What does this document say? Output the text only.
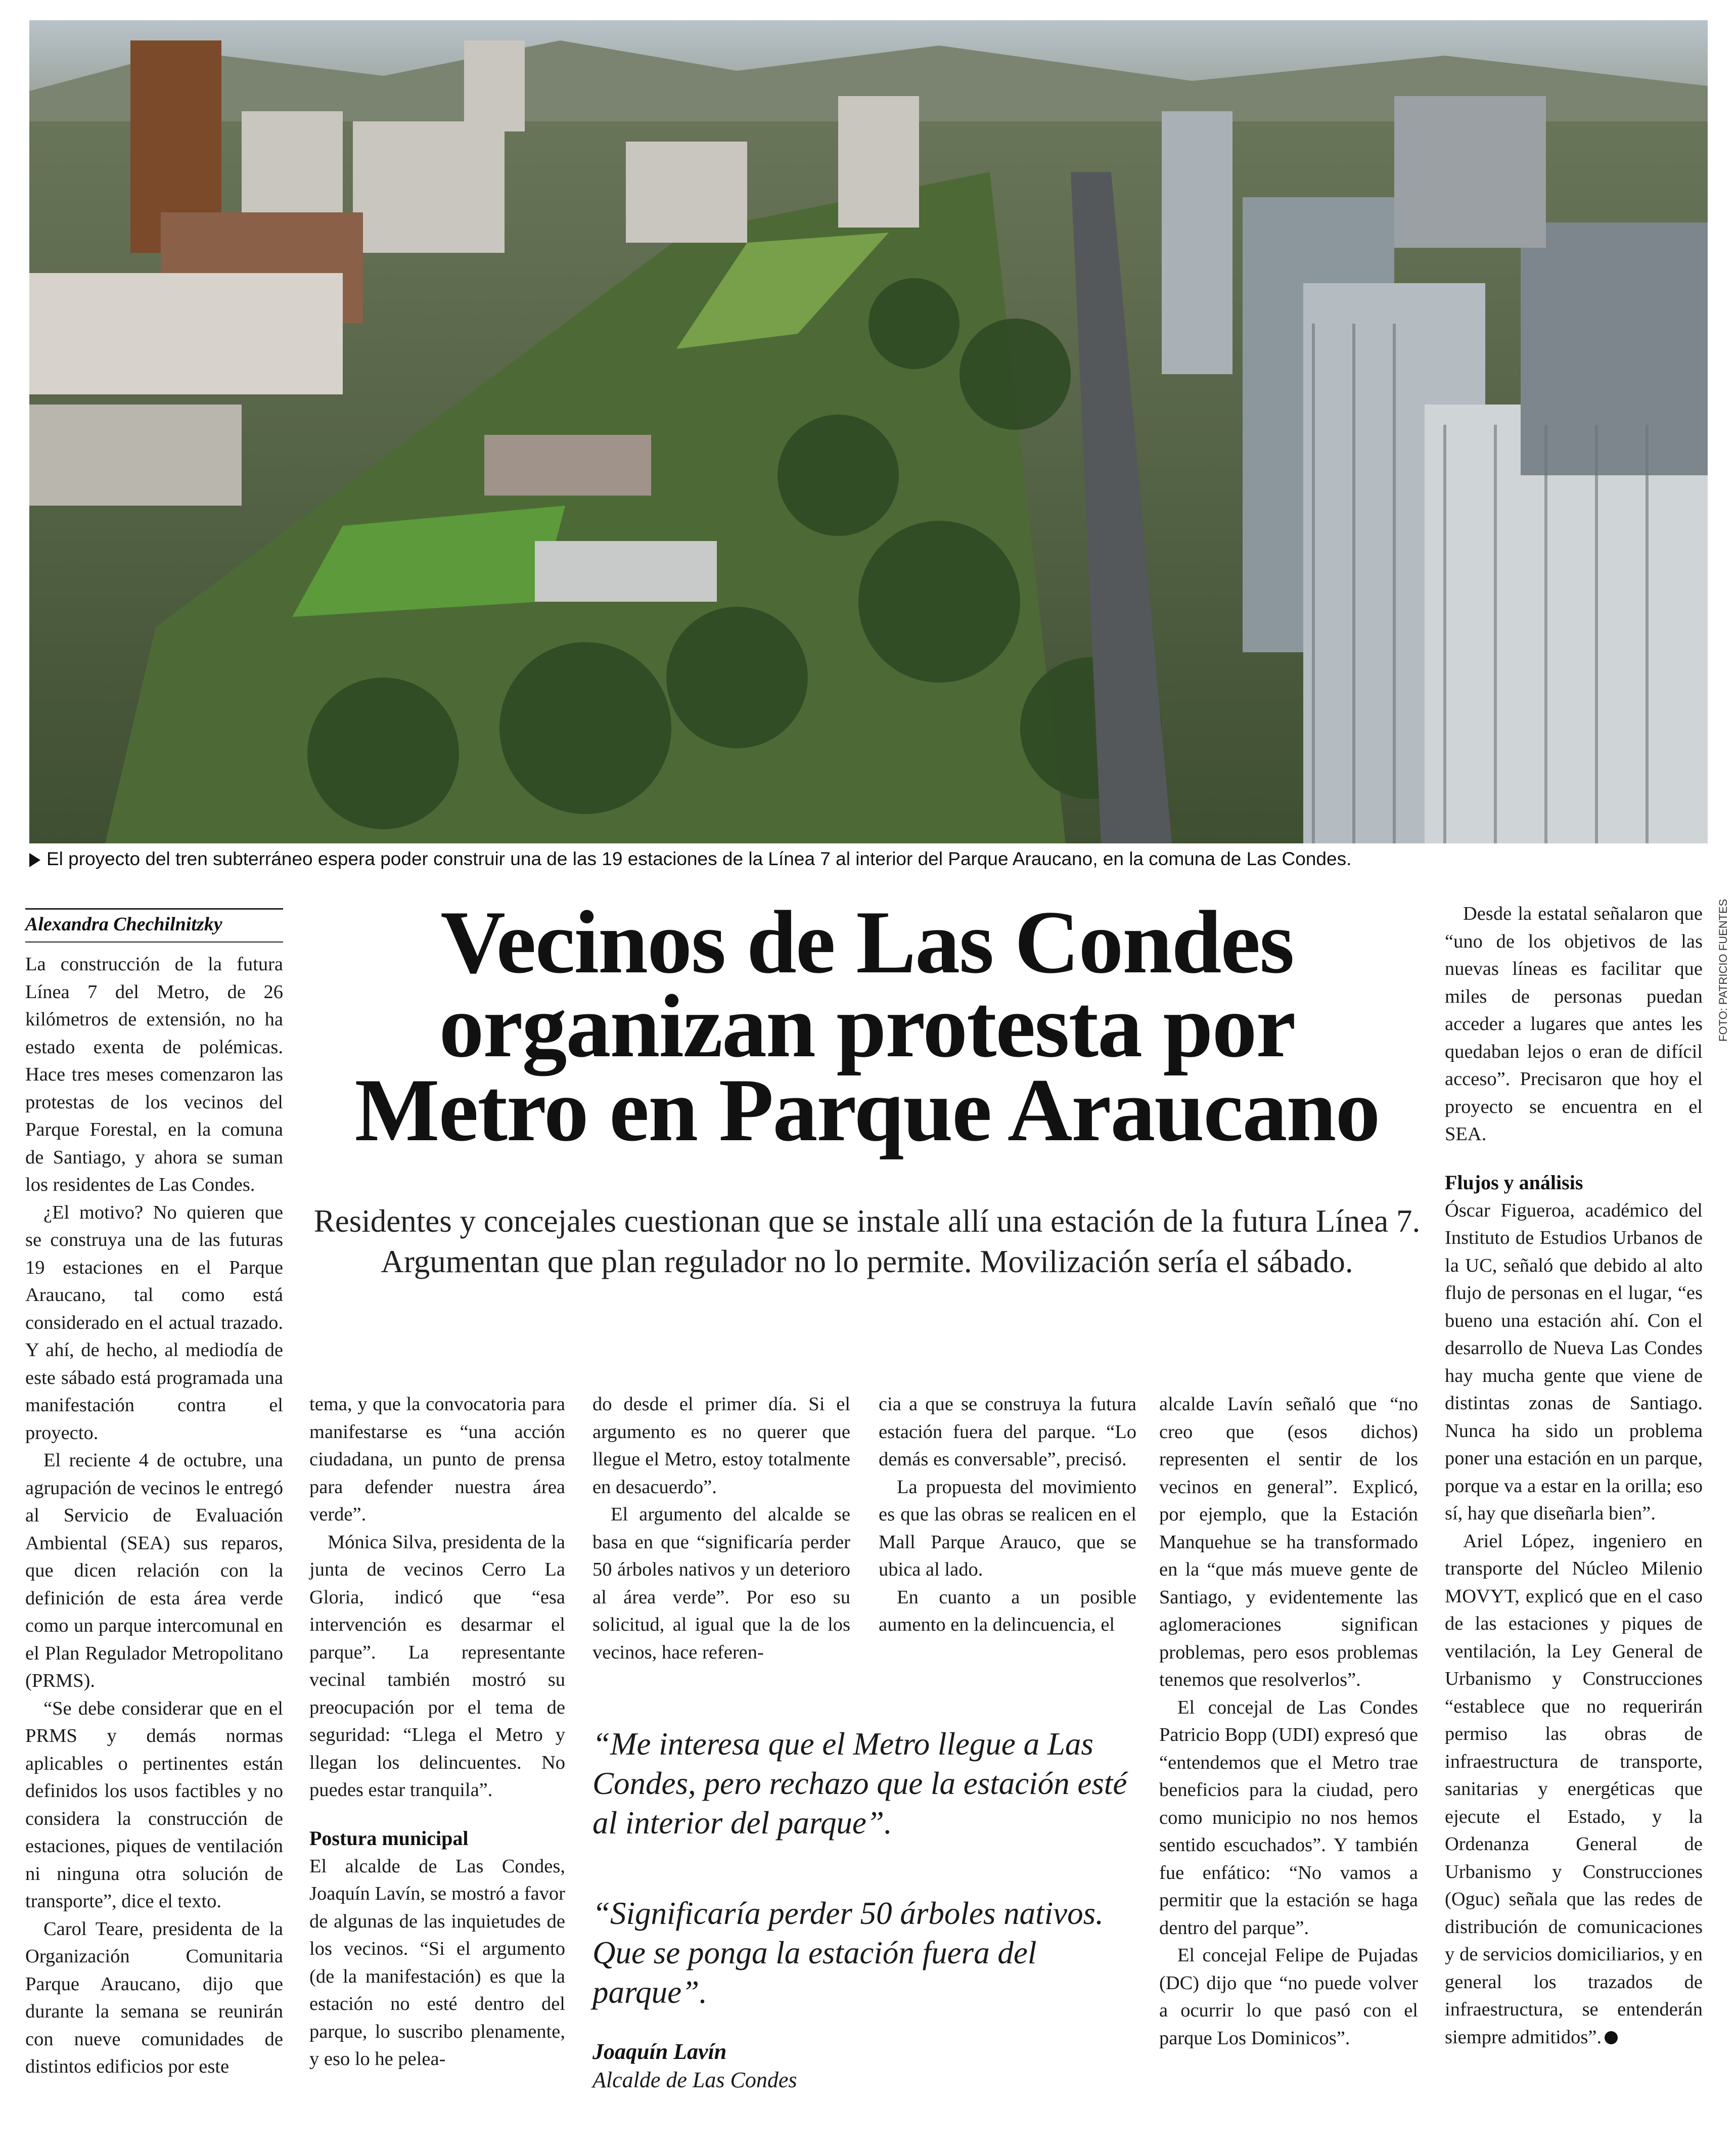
FOTO: PATRICIO FUENTES
El proyecto del tren subterráneo espera poder construir una de las 19 estaciones de la Línea 7 al interior del Parque Araucano, en la comuna de Las Condes.
Alexandra Chechilnitzky	Vecinos de Las Condes
organizan protesta por
Metro en Parque Araucano
Residentes y concejales cuestionan que se instale allí una estación de la futura Línea 7. Argumentan que plan regulador no lo permite. Movilización sería el sábado.

La construcción de la futura Línea 7 del Metro, de 26 kilómetros de extensión, no ha estado exenta de polémicas. Hace tres meses comenzaron las protestas de los vecinos del Parque Forestal, en la comuna de Santiago, y ahora se suman los residentes de Las Condes.

¿El motivo? No quieren que se construya una de las futuras 19 estaciones en el Parque Araucano, tal como está considerado en el actual trazado. Y ahí, de hecho, al mediodía de este sábado está programada una manifestación contra el proyecto.

El reciente 4 de octubre, una agrupación de vecinos le entregó al Servicio de Evaluación Ambiental (SEA) sus reparos, que dicen relación con la definición de esta área verde como un parque intercomunal en el Plan Regulador Metropolitano (PRMS).

“Se debe considerar que en el PRMS y demás normas aplicables o pertinentes están definidos los usos factibles y no considera la construcción de estaciones, piques de ventilación ni ninguna otra solución de transporte”, dice el texto.

Carol Teare, presidenta de la Organización Comunitaria Parque Araucano, dijo que durante la semana se reunirán con nueve comunidades de distintos edificios por este

tema, y que la convocatoria para manifestarse es “una acción ciudadana, un punto de prensa para defender nuestra área verde”.

Mónica Silva, presidenta de la junta de vecinos Cerro La Gloria, indicó que “esa intervención es desarmar el parque”. La representante vecinal también mostró su preocupación por el tema de seguridad: “Llega el Metro y llegan los delincuentes. No puedes estar tranquila”.

Postura municipal

El alcalde de Las Condes, Joaquín Lavín, se mostró a favor de algunas de las inquietudes de los vecinos. “Si el argumento (de la manifestación) es que la estación no esté dentro del parque, lo suscribo plenamente, y eso lo he pelea-

do desde el primer día. Si el argumento es no querer que llegue el Metro, estoy totalmente en desacuerdo”.

El argumento del alcalde se basa en que “significaría perder 50 árboles nativos y un deterioro al área verde”. Por eso su solicitud, al igual que la de los vecinos, hace referen-

cia a que se construya la futura estación fuera del parque. “Lo demás es conversable”, precisó.

La propuesta del movimiento es que las obras se realicen en el Mall Parque Arauco, que se ubica al lado.

En cuanto a un posible aumento en la delincuencia, el

alcalde Lavín señaló que “no creo que (esos dichos) representen el sentir de los vecinos en general”. Explicó, por ejemplo, que la Estación Manquehue se ha transformado en la “que más mueve gente de Santiago, y evidentemente las aglomeraciones significan problemas, pero esos problemas tenemos que resolverlos”.

El concejal de Las Condes Patricio Bopp (UDI) expresó que “entendemos que el Metro trae beneficios para la ciudad, pero como municipio no nos hemos sentido escuchados”. Y también fue enfático: “No vamos a permitir que la estación se haga dentro del parque”.

El concejal Felipe de Pujadas (DC) dijo que “no puede volver a ocurrir lo que pasó con el parque Los Dominicos”.

Desde la estatal señalaron que “uno de los objetivos de las nuevas líneas es facilitar que miles de personas puedan acceder a lugares que antes les quedaban lejos o eran de difícil acceso”. Precisaron que hoy el proyecto se encuentra en el SEA.

Flujos y análisis

Óscar Figueroa, académico del Instituto de Estudios Urbanos de la UC, señaló que debido al alto flujo de personas en el lugar, “es bueno una estación ahí. Con el desarrollo de Nueva Las Condes hay mucha gente que viene de distintas zonas de Santiago. Nunca ha sido un problema poner una estación en un parque, porque va a estar en la orilla; eso sí, hay que diseñarla bien”.

Ariel López, ingeniero en transporte del Núcleo Milenio MOVYT, explicó que en el caso de las estaciones y piques de ventilación, la Ley General de Urbanismo y Construcciones “establece que no requerirán permiso las obras de infraestructura de transporte, sanitarias y energéticas que ejecute el Estado, y la Ordenanza General de Urbanismo y Construcciones (Oguc) señala que las redes de distribución de comunicaciones y de servicios domiciliarios, y en general los trazados de infraestructura, se entenderán siempre admitidos”.

“Me interesa que el Metro llegue a Las Condes, pero rechazo que la estación esté al interior del parque”.
“Significaría perder 50 árboles nativos. Que se ponga la estación fuera del parque”.
Joaquín Lavín
Alcalde de Las Condes
